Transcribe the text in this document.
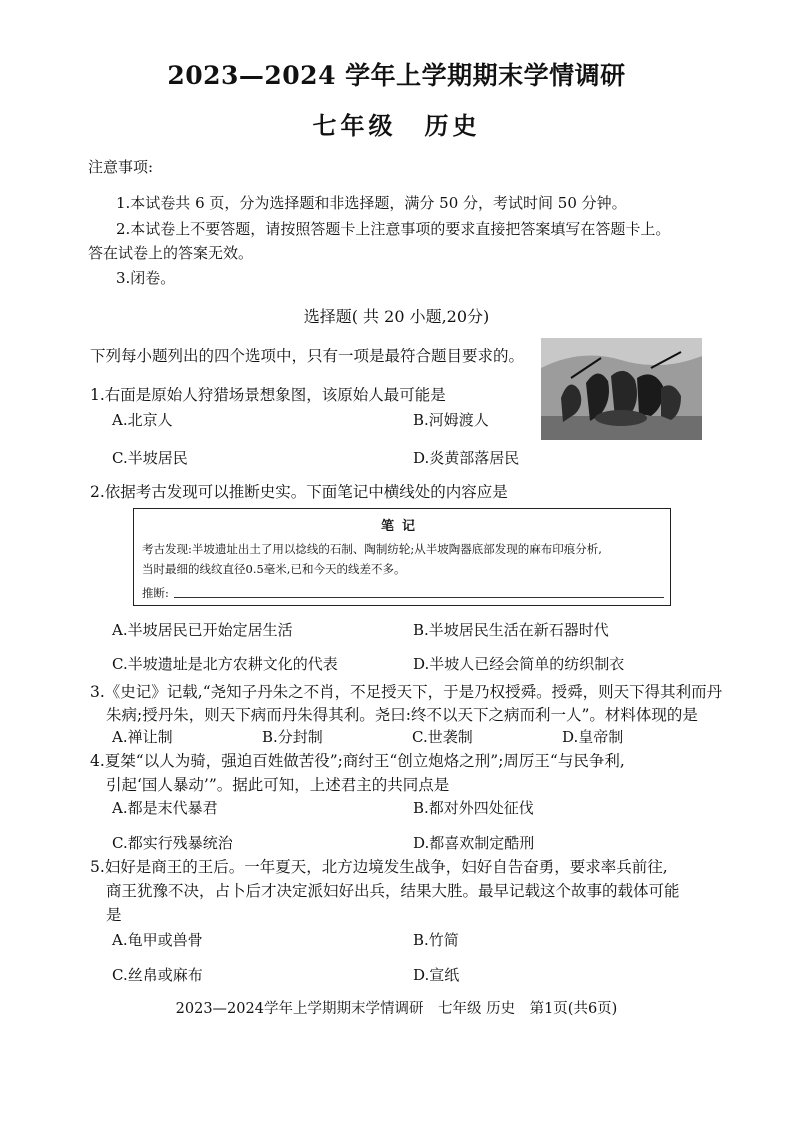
2023—2024 学年上学期期末学情调研
七年级　历史
注意事项:
1.本试卷共 6 页，分为选择题和非选择题，满分 50 分，考试时间 50 分钟。
2.本试卷上不要答题，请按照答题卡上注意事项的要求直接把答案填写在答题卡上。
答在试卷上的答案无效。
3.闭卷。
选择题( 共 20 小题,20分)
下列每小题列出的四个选项中，只有一项是最符合题目要求的。
1.右面是原始人狩猎场景想象图，该原始人最可能是
A.北京人	B.河姆渡人
C.半坡居民	D.炎黄部落居民
2.依据考古发现可以推断史实。下面笔记中横线处的内容应是
笔记
考古发现:半坡遗址出土了用以捻线的石制、陶制纺轮;从半坡陶器底部发现的麻布印痕分析,
当时最细的线纹直径0.5毫米,已和今天的线差不多。
推断:
A.半坡居民已开始定居生活	B.半坡居民生活在新石器时代
C.半坡遗址是北方农耕文化的代表	D.半坡人已经会简单的纺织制衣
3.《史记》记载,“尧知子丹朱之不肖，不足授天下，于是乃权授舜。授舜，则天下得其利而丹
朱病;授丹朱，则天下病而丹朱得其利。尧曰:终不以天下之病而利一人”。材料体现的是
A.禅让制	B.分封制	C.世袭制	D.皇帝制
4.夏桀“以人为骑，强迫百姓做苦役”;商纣王“创立炮烙之刑”;周厉王“与民争利,
引起‘国人暴动’”。据此可知，上述君主的共同点是
A.都是末代暴君	B.都对外四处征伐
C.都实行残暴统治	D.都喜欢制定酷刑
5.妇好是商王的王后。一年夏天，北方边境发生战争，妇好自告奋勇，要求率兵前往,
商王犹豫不决，占卜后才决定派妇好出兵，结果大胜。最早记载这个故事的载体可能
是
A.龟甲或兽骨	B.竹简
C.丝帛或麻布	D.宣纸
2023—2024学年上学期期末学情调研　七年级 历史　第1页(共6页)
